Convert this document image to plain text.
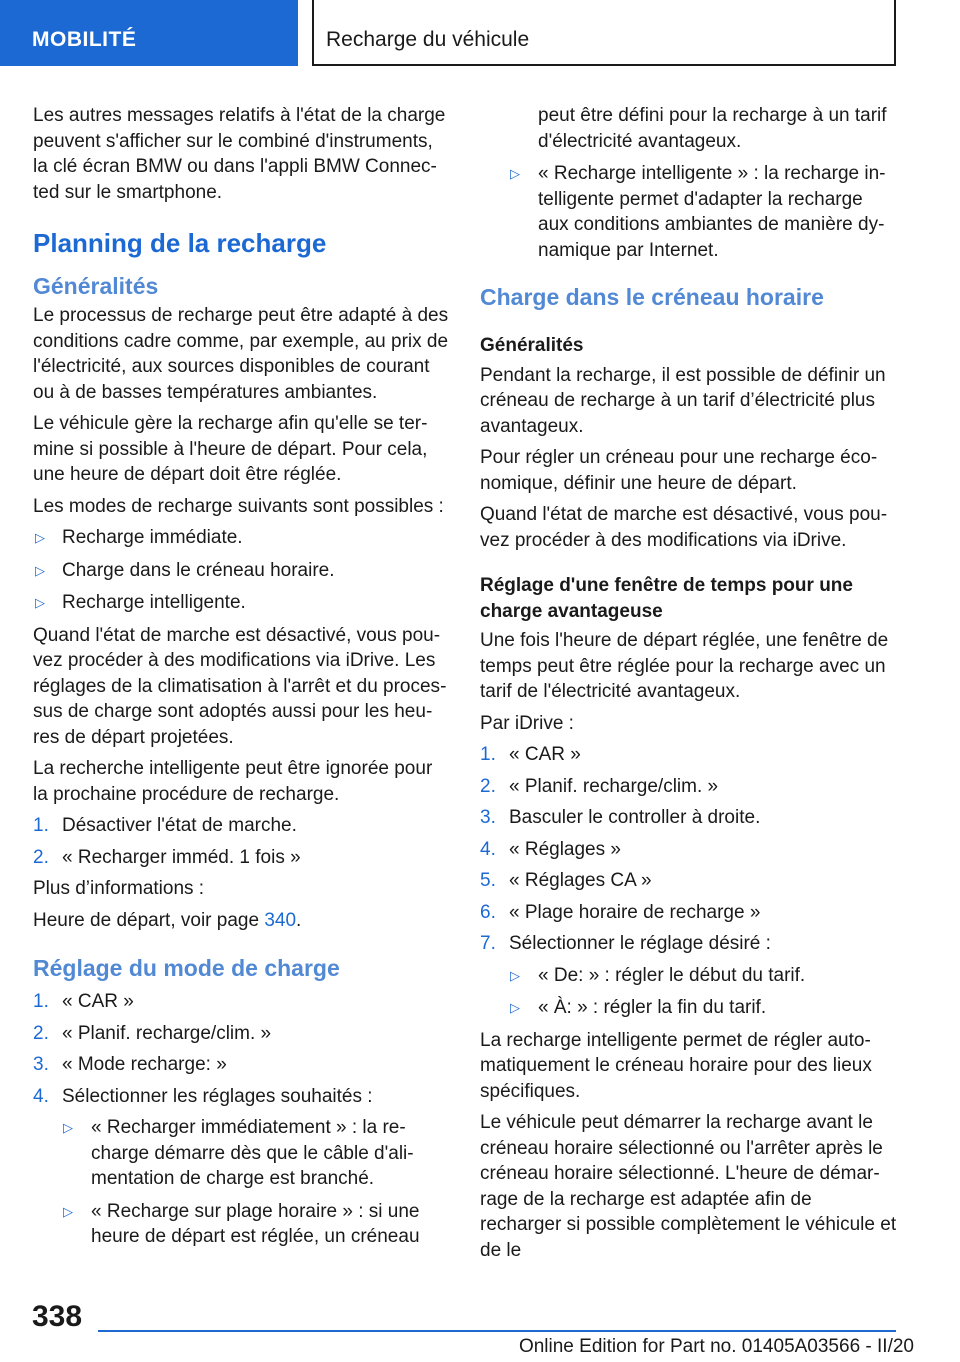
MOBILITÉ	Recharge du véhicule

Les autres messages relatifs à l'état de la charge peuvent s'afficher sur le combiné d'instruments, la clé écran BMW ou dans l'appli BMW Connected sur le smartphone.

Planning de la recharge
Généralités

Le processus de recharge peut être adapté à des conditions cadre comme, par exemple, au prix de l'électricité, aux sources disponibles de courant ou à de basses températures ambiantes.

Le véhicule gère la recharge afin qu'elle se termine si possible à l'heure de départ. Pour cela, une heure de départ doit être réglée.

Les modes de recharge suivants sont possibles :

▷ Recharge immédiate.
▷ Charge dans le créneau horaire.
▷ Recharge intelligente.

Quand l'état de marche est désactivé, vous pouvez procéder à des modifications via iDrive. Les réglages de la climatisation à l'arrêt et du processus de charge sont adoptés aussi pour les heures de départ projetées.

La recherche intelligente peut être ignorée pour la prochaine procédure de recharge.

1. Désactiver l'état de marche.
2. « Recharger imméd. 1 fois »

Plus d’informations :

Heure de départ, voir page 340.

Réglage du mode de charge
1. « CAR »
2. « Planif. recharge/clim. »
3. « Mode recharge: »
4. Sélectionner les réglages souhaités :
▷ « Recharger immédiatement » : la recharge démarre dès que le câble d'alimentation de charge est branché.
▷ « Recharge sur plage horaire » : si une heure de départ est réglée, un créneau

peut être défini pour la recharge à un tarif d'électricité avantageux.

▷ « Recharge intelligente » : la recharge intelligente permet d'adapter la recharge aux conditions ambiantes de manière dynamique par Internet.
Charge dans le créneau horaire
Généralités

Pendant la recharge, il est possible de définir un créneau de recharge à un tarif d’électricité plus avantageux.

Pour régler un créneau pour une recharge économique, définir une heure de départ.

Quand l'état de marche est désactivé, vous pouvez procéder à des modifications via iDrive.

Réglage d'une fenêtre de temps pour une charge avantageuse

Une fois l'heure de départ réglée, une fenêtre de temps peut être réglée pour la recharge avec un tarif de l'électricité avantageux.

Par iDrive :

1. « CAR »
2. « Planif. recharge/clim. »
3. Basculer le controller à droite.
4. « Réglages »
5. « Réglages CA »
6. « Plage horaire de recharge »
7. Sélectionner le réglage désiré :
▷ « De: » : régler le début du tarif.
▷ « À: » : régler la fin du tarif.

La recharge intelligente permet de régler automatiquement le créneau horaire pour des lieux spécifiques.

Le véhicule peut démarrer la recharge avant le créneau horaire sélectionné ou l'arrêter après le créneau horaire sélectionné. L'heure de démarrage de la recharge est adaptée afin de recharger si possible complètement le véhicule et de le

338
Online Edition for Part no. 01405A03566 - II/20
